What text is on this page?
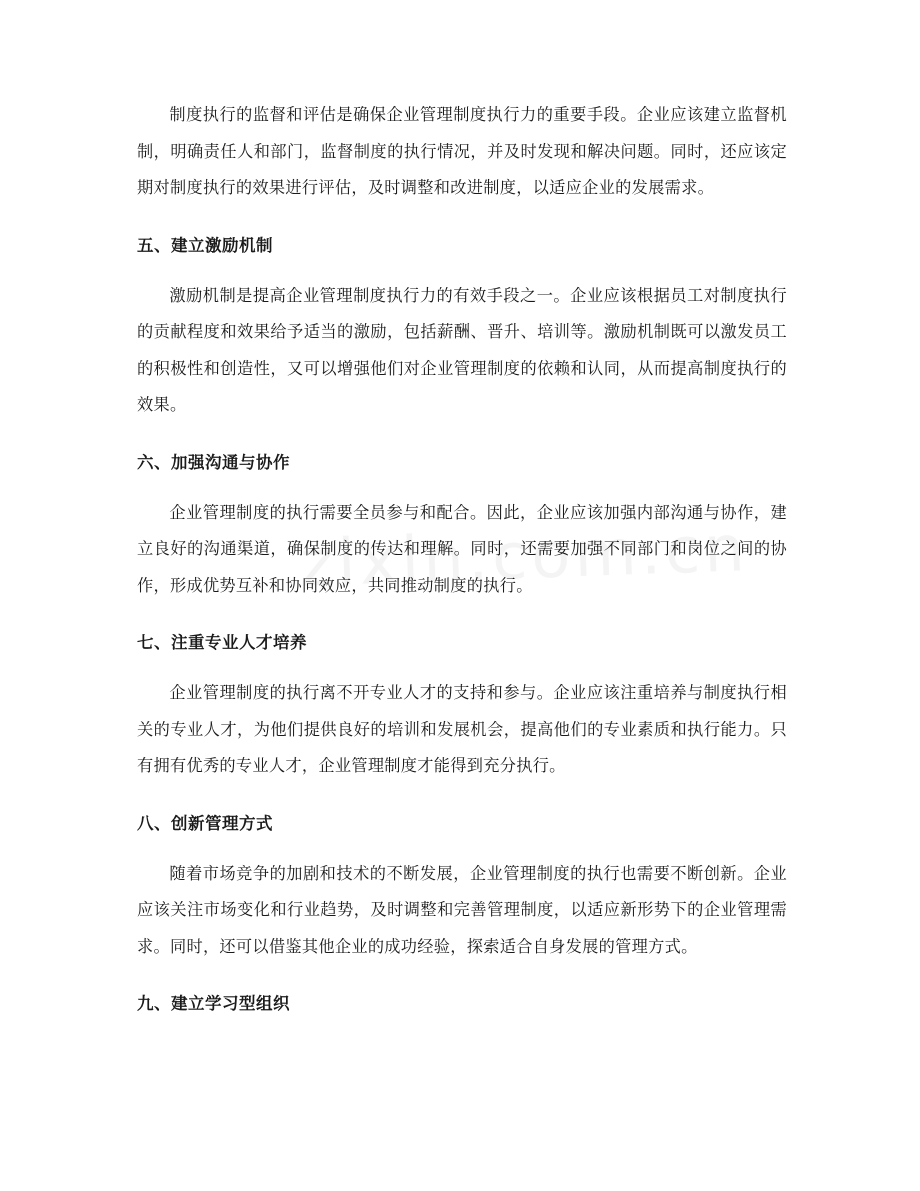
制度执行的监督和评估是确保企业管理制度执行力的重要手段。企业应该建立监督机制，明确责任人和部门，监督制度的执行情况，并及时发现和解决问题。同时，还应该定期对制度执行的效果进行评估，及时调整和改进制度，以适应企业的发展需求。

五、建立激励机制

激励机制是提高企业管理制度执行力的有效手段之一。企业应该根据员工对制度执行的贡献程度和效果给予适当的激励，包括薪酬、晋升、培训等。激励机制既可以激发员工的积极性和创造性，又可以增强他们对企业管理制度的依赖和认同，从而提高制度执行的效果。

六、加强沟通与协作

企业管理制度的执行需要全员参与和配合。因此，企业应该加强内部沟通与协作，建立良好的沟通渠道，确保制度的传达和理解。同时，还需要加强不同部门和岗位之间的协作，形成优势互补和协同效应，共同推动制度的执行。

七、注重专业人才培养

企业管理制度的执行离不开专业人才的支持和参与。企业应该注重培养与制度执行相关的专业人才，为他们提供良好的培训和发展机会，提高他们的专业素质和执行能力。只有拥有优秀的专业人才，企业管理制度才能得到充分执行。

八、创新管理方式

随着市场竞争的加剧和技术的不断发展，企业管理制度的执行也需要不断创新。企业应该关注市场变化和行业趋势，及时调整和完善管理制度，以适应新形势下的企业管理需求。同时，还可以借鉴其他企业的成功经验，探索适合自身发展的管理方式。

九、建立学习型组织
